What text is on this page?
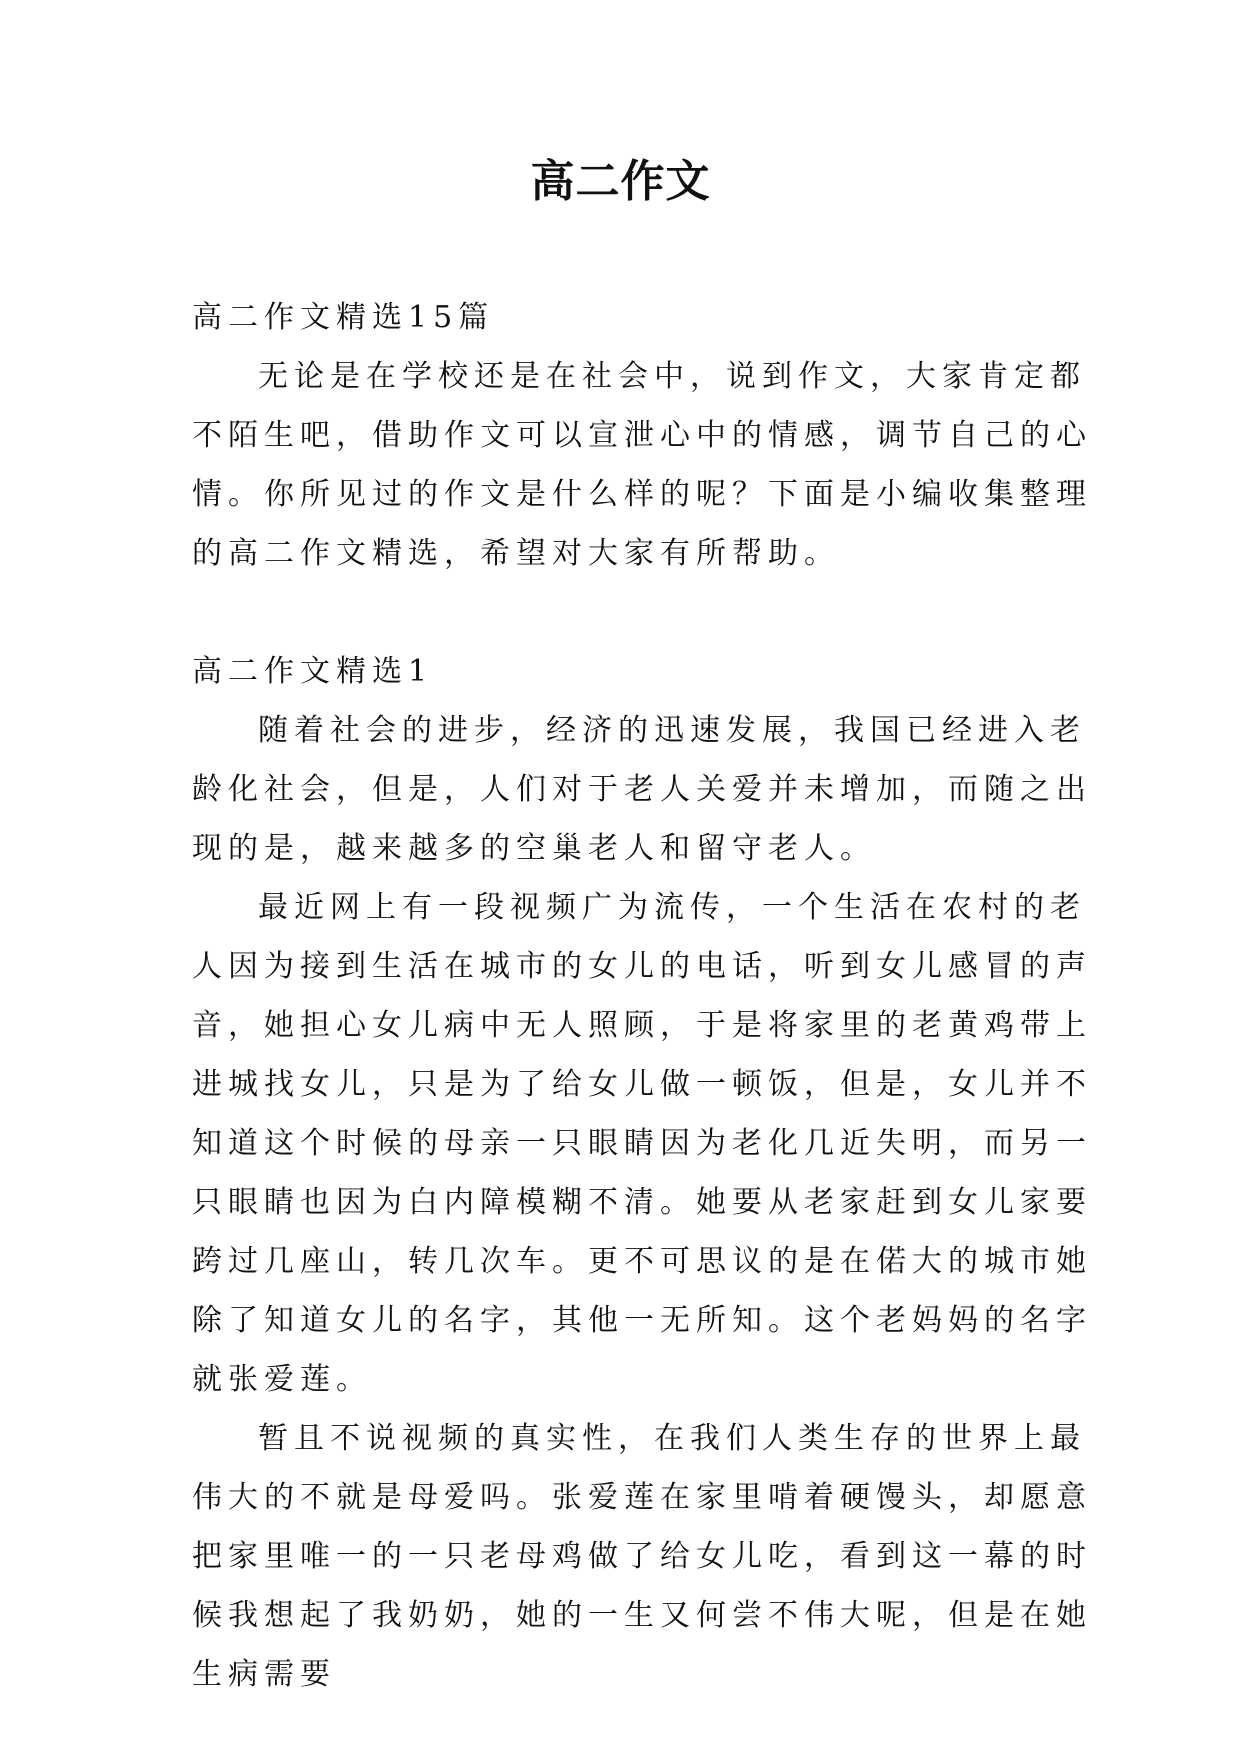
高二作文

高二作文精选15篇

无论是在学校还是在社会中，说到作文，大家肯定都不陌生吧，借助作文可以宣泄心中的情感，调节自己的心情。你所见过的作文是什么样的呢？下面是小编收集整理的高二作文精选，希望对大家有所帮助。

高二作文精选1

随着社会的进步，经济的迅速发展，我国已经进入老龄化社会，但是，人们对于老人关爱并未增加，而随之出现的是，越来越多的空巢老人和留守老人。

最近网上有一段视频广为流传，一个生活在农村的老人因为接到生活在城市的女儿的电话，听到女儿感冒的声音，她担心女儿病中无人照顾，于是将家里的老黄鸡带上进城找女儿，只是为了给女儿做一顿饭，但是，女儿并不知道这个时候的母亲一只眼睛因为老化几近失明，而另一只眼睛也因为白内障模糊不清。她要从老家赶到女儿家要跨过几座山，转几次车。更不可思议的是在偌大的城市她除了知道女儿的名字，其他一无所知。这个老妈妈的名字就张爱莲。

暂且不说视频的真实性，在我们人类生存的世界上最伟大的不就是母爱吗。张爱莲在家里啃着硬馒头，却愿意把家里唯一的一只老母鸡做了给女儿吃，看到这一幕的时候我想起了我奶奶，她的一生又何尝不伟大呢，但是在她生病需要
